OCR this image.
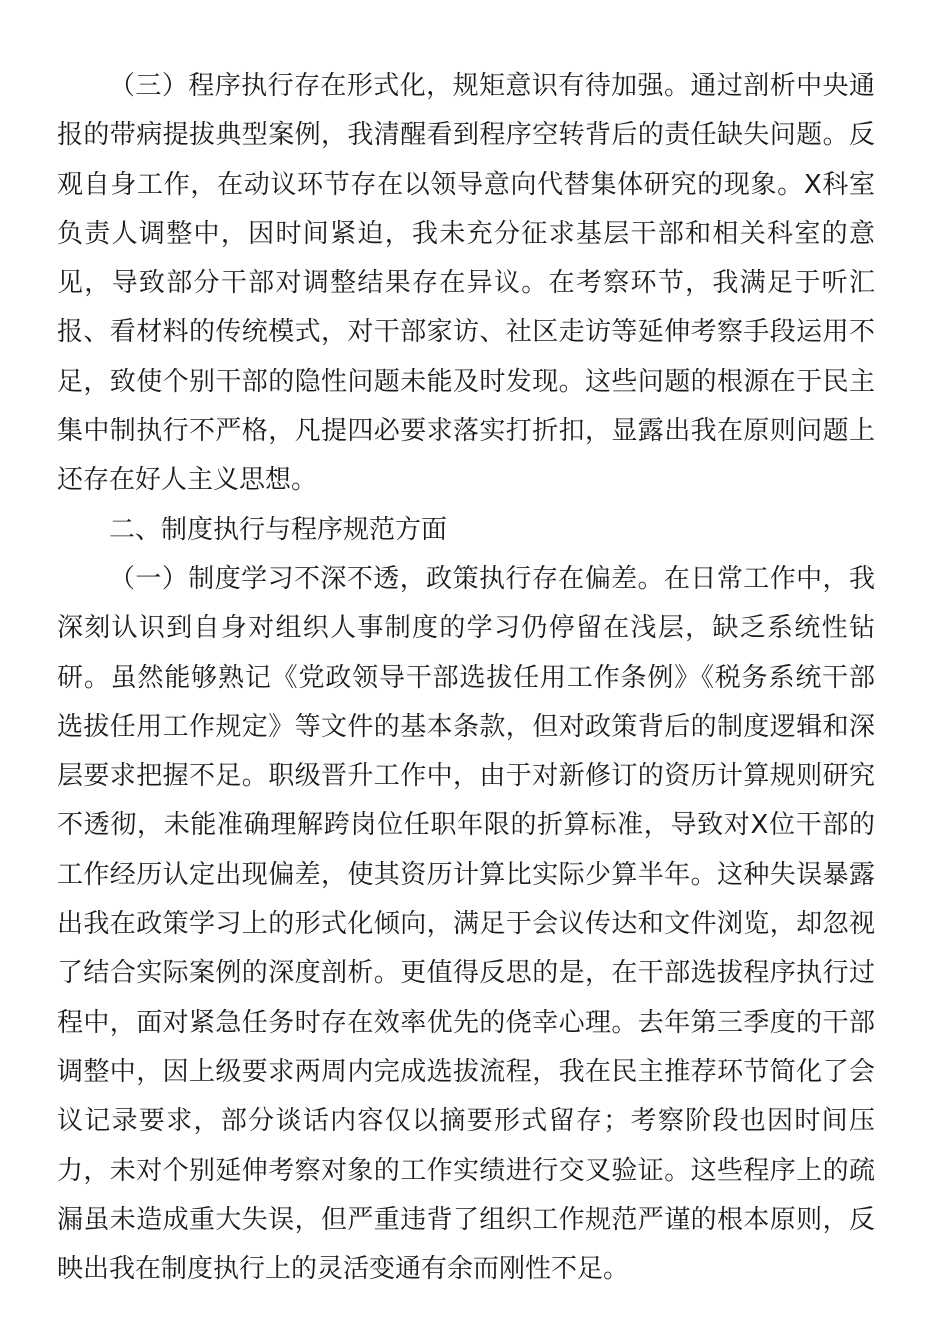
（三）程序执行存在形式化，规矩意识有待加强。通过剖析中央通报的带病提拔典型案例，我清醒看到程序空转背后的责任缺失问题。反观自身工作，在动议环节存在以领导意向代替集体研究的现象。X科室负责人调整中，因时间紧迫，我未充分征求基层干部和相关科室的意见，导致部分干部对调整结果存在异议。在考察环节，我满足于听汇报、看材料的传统模式，对干部家访、社区走访等延伸考察手段运用不足，致使个别干部的隐性问题未能及时发现。这些问题的根源在于民主集中制执行不严格，凡提四必要求落实打折扣，显露出我在原则问题上还存在好人主义思想。

二、制度执行与程序规范方面

（一）制度学习不深不透，政策执行存在偏差。在日常工作中，我深刻认识到自身对组织人事制度的学习仍停留在浅层，缺乏系统性钻研。虽然能够熟记《党政领导干部选拔任用工作条例》《税务系统干部选拔任用工作规定》等文件的基本条款，但对政策背后的制度逻辑和深层要求把握不足。职级晋升工作中，由于对新修订的资历计算规则研究不透彻，未能准确理解跨岗位任职年限的折算标准，导致对X位干部的工作经历认定出现偏差，使其资历计算比实际少算半年。这种失误暴露出我在政策学习上的形式化倾向，满足于会议传达和文件浏览，却忽视了结合实际案例的深度剖析。更值得反思的是，在干部选拔程序执行过程中，面对紧急任务时存在效率优先的侥幸心理。去年第三季度的干部调整中，因上级要求两周内完成选拔流程，我在民主推荐环节简化了会议记录要求，部分谈话内容仅以摘要形式留存；考察阶段也因时间压力，未对个别延伸考察对象的工作实绩进行交叉验证。这些程序上的疏漏虽未造成重大失误，但严重违背了组织工作规范严谨的根本原则，反映出我在制度执行上的灵活变通有余而刚性不足。
